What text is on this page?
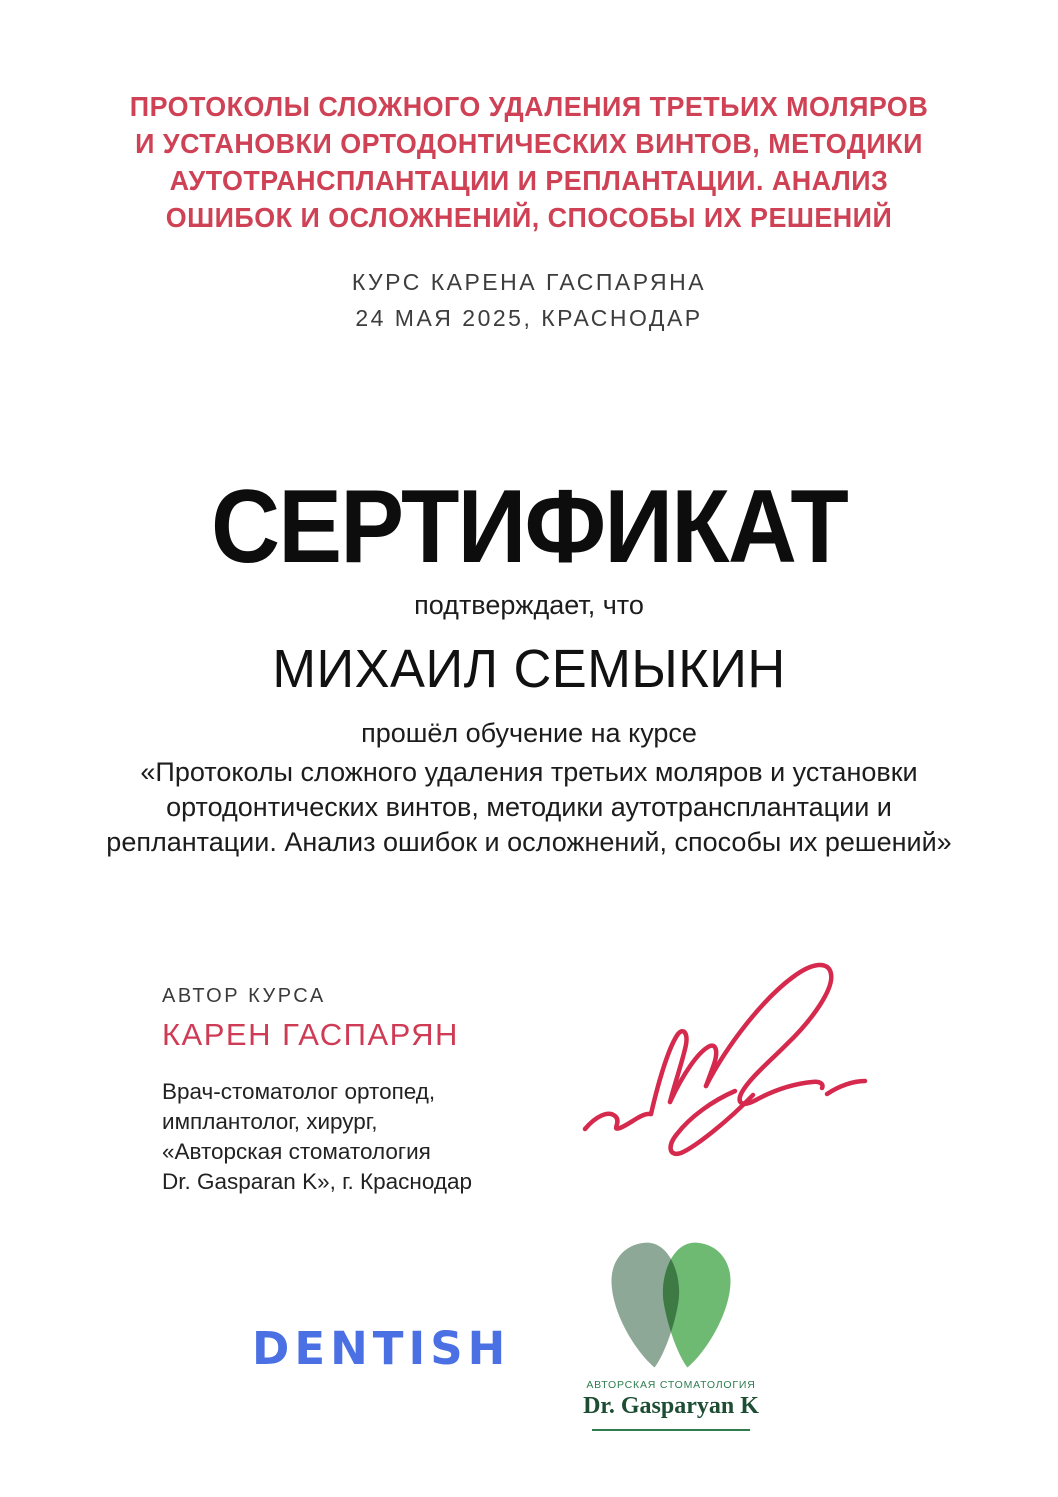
ПРОТОКОЛЫ СЛОЖНОГО УДАЛЕНИЯ ТРЕТЬИХ МОЛЯРОВ
И УСТАНОВКИ ОРТОДОНТИЧЕСКИХ ВИНТОВ, МЕТОДИКИ
АУТОТРАНСПЛАНТАЦИИ И РЕПЛАНТАЦИИ. АНАЛИЗ
ОШИБОК И ОСЛОЖНЕНИЙ, СПОСОБЫ ИХ РЕШЕНИЙ
КУРС КАРЕНА ГАСПАРЯНА
24 МАЯ 2025, КРАСНОДАР
СЕРТИФИКАТ
подтверждает, что
МИХАИЛ СЕМЫКИН
прошёл обучение на курсе
«Протоколы сложного удаления третьих моляров и установки
ортодонтических винтов, методики аутотрансплантации и
реплантации. Анализ ошибок и осложнений, способы их решений»
АВТОР КУРСА
КАРЕН ГАСПАРЯН
Врач-стоматолог ортопед,
имплантолог, хирург,
«Авторская стоматология
Dr. Gasparan K», г. Краснодар
DENTISH
АВТОРСКАЯ СТОМАТОЛОГИЯ
Dr. Gasparyan K
